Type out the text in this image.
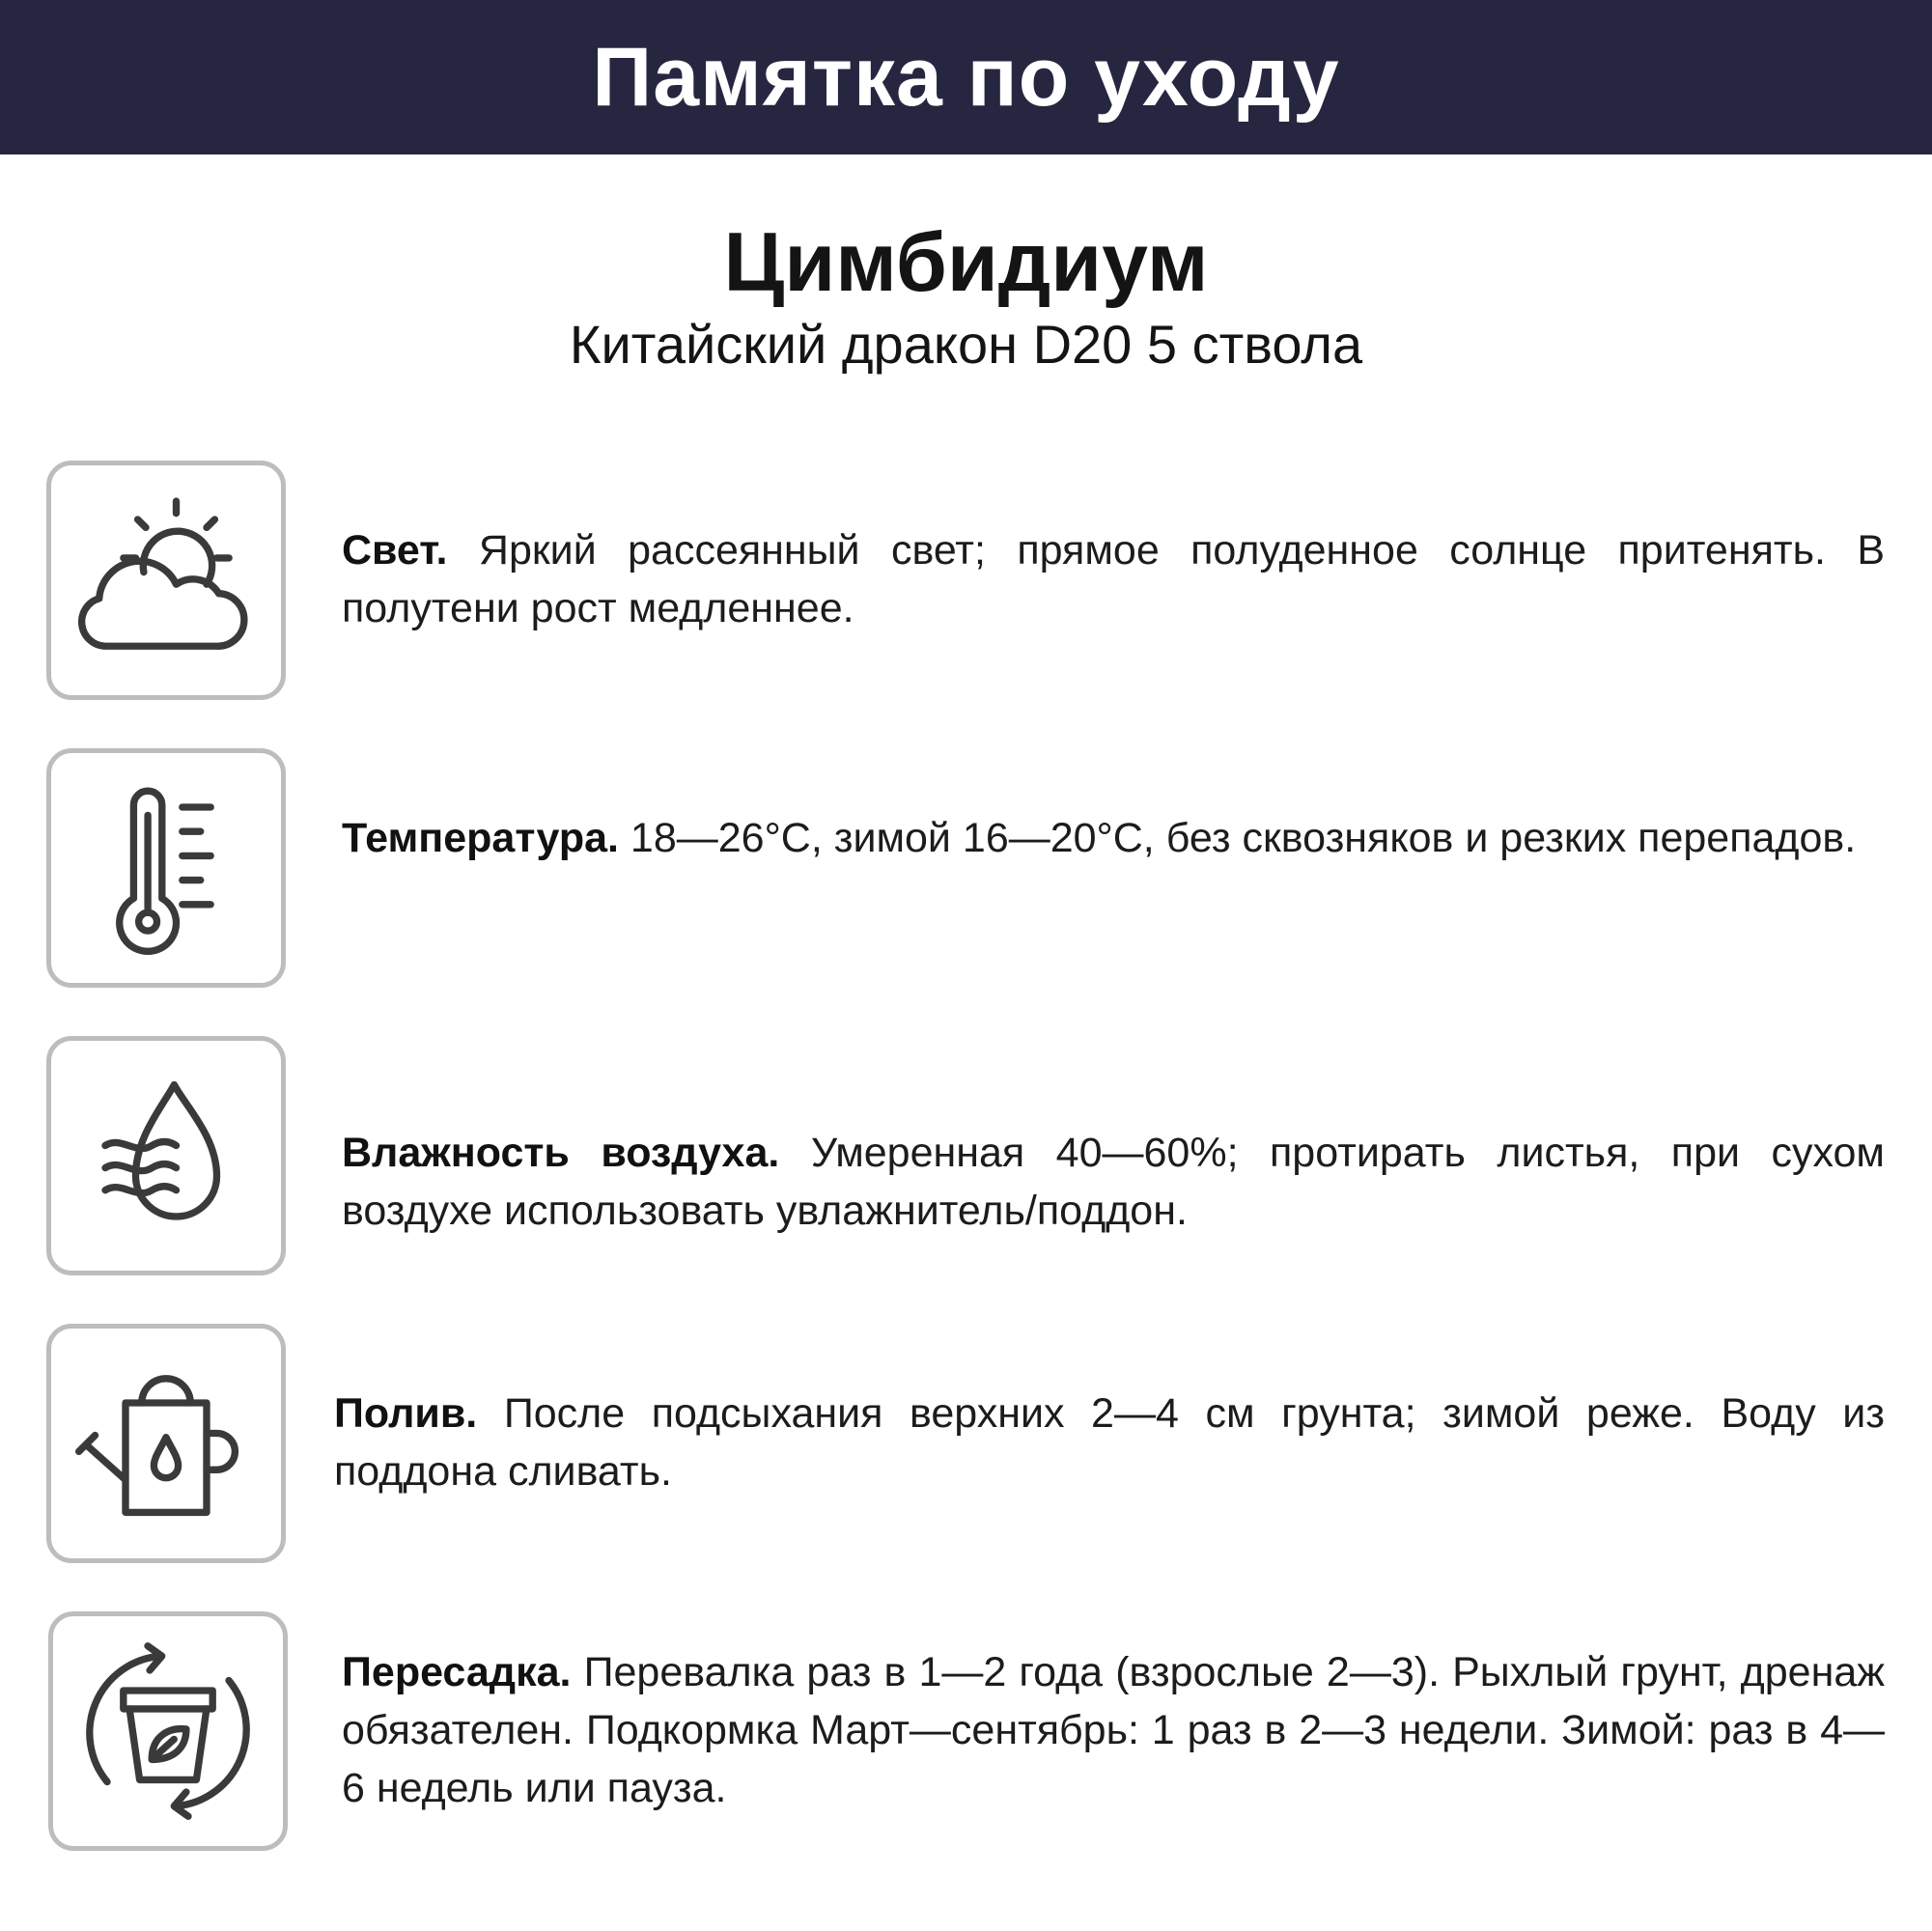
Памятка по уходу
Цимбидиум
Китайский дракон D20 5 ствола
Свет. Яркий рассеянный свет; прямое полуденное солнце притенять. В полутени рост медленнее.
Температура. 18—26°C, зимой 16—20°C, без сквозняков и резких перепадов.
Влажность воздуха. Умеренная 40—60%; протирать листья, при сухом воздухе использовать увлажнитель/поддон.
Полив. После подсыхания верхних 2—4 см грунта; зимой реже. Воду из поддона сливать.
Пересадка. Перевалка раз в 1—2 года (взрослые 2—3). Рыхлый грунт, дренаж обязателен. Подкормка Март—сентябрь: 1 раз в 2—3 недели. Зимой: раз в 4—6 недель или пауза.
